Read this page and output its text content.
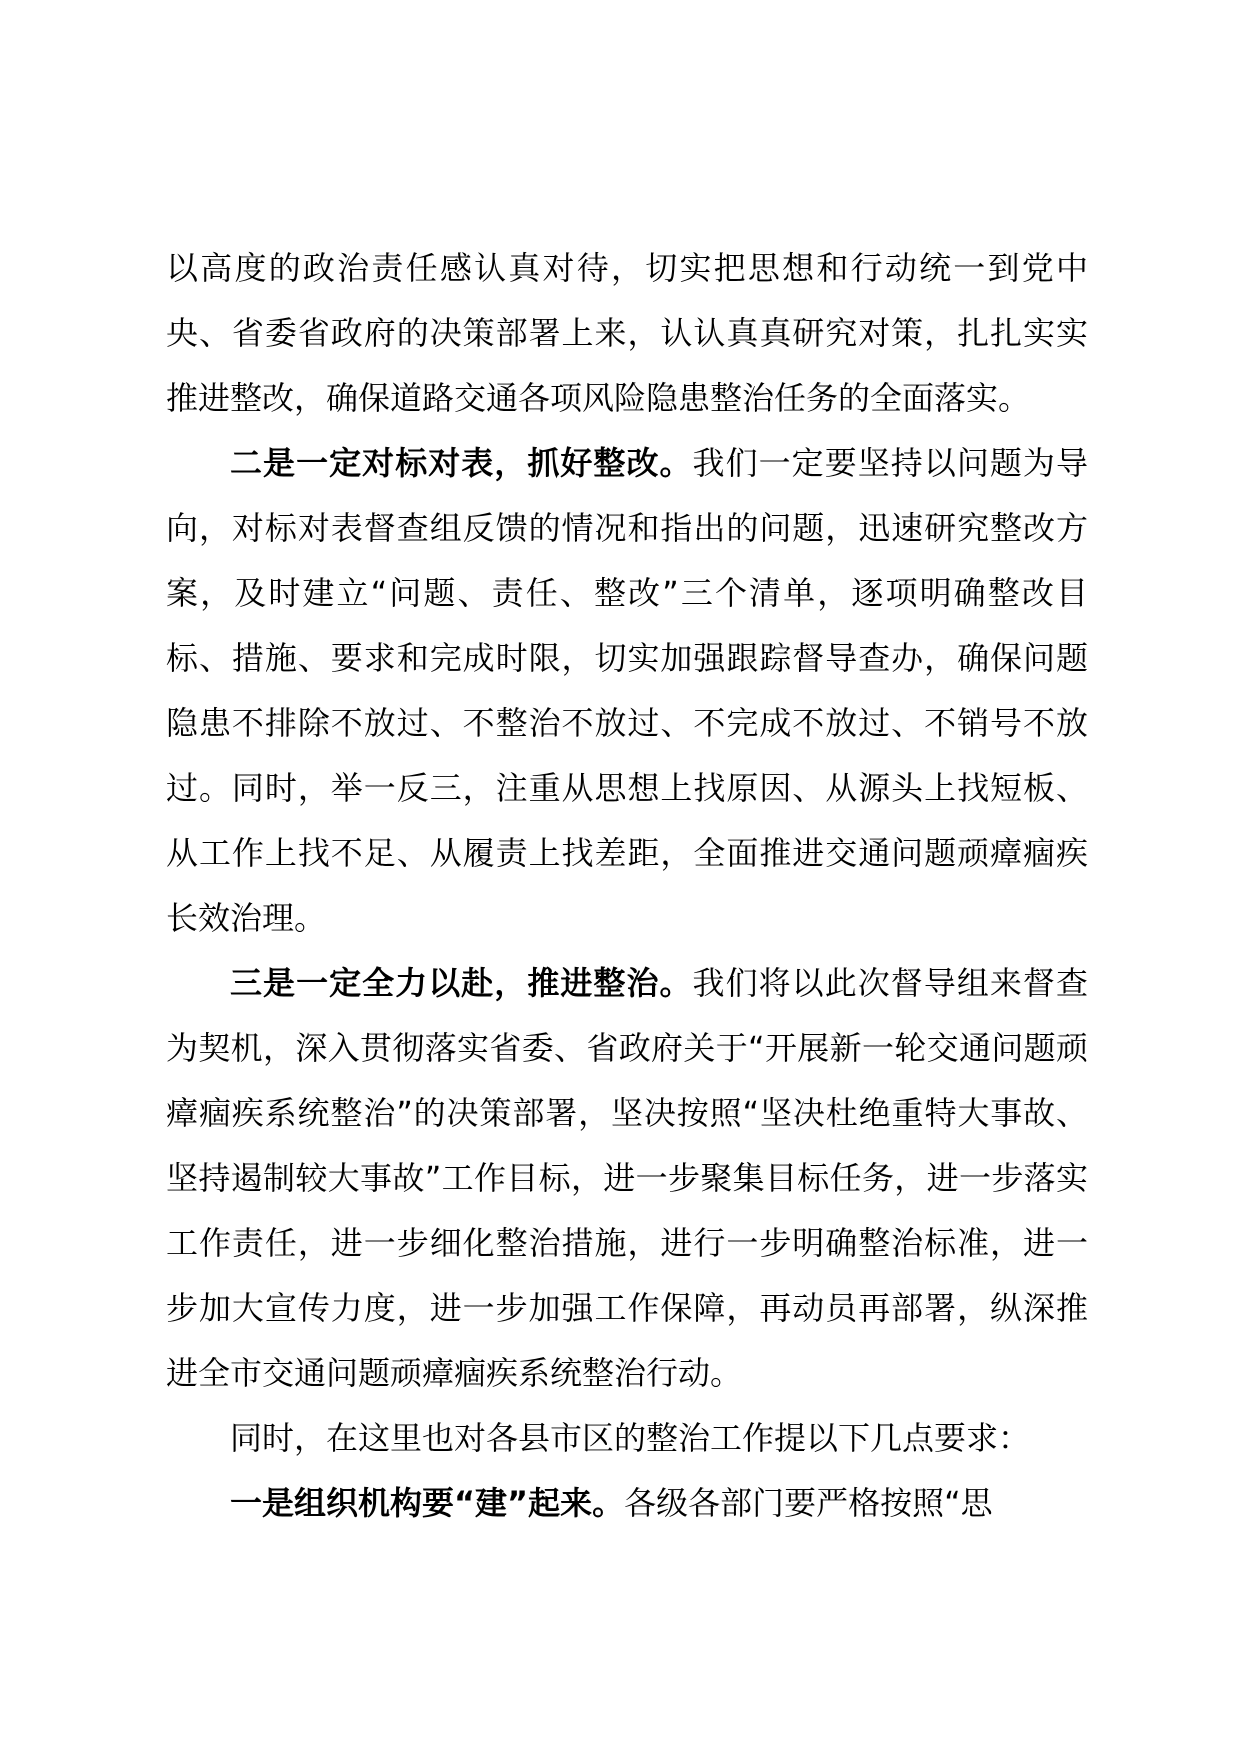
以高度的政治责任感认真对待，切实把思想和行动统一到党中央、省委省政府的决策部署上来，认认真真研究对策，扎扎实实推进整改，确保道路交通各项风险隐患整治任务的全面落实。

二是一定对标对表，抓好整改。我们一定要坚持以问题为导向，对标对表督查组反馈的情况和指出的问题，迅速研究整改方案，及时建立“问题、责任、整改”三个清单，逐项明确整改目标、措施、要求和完成时限，切实加强跟踪督导查办，确保问题隐患不排除不放过、不整治不放过、不完成不放过、不销号不放过。同时，举一反三，注重从思想上找原因、从源头上找短板、从工作上找不足、从履责上找差距，全面推进交通问题顽瘴痼疾长效治理。

三是一定全力以赴，推进整治。我们将以此次督导组来督查为契机，深入贯彻落实省委、省政府关于“开展新一轮交通问题顽瘴痼疾系统整治”的决策部署，坚决按照“坚决杜绝重特大事故、坚持遏制较大事故”工作目标，进一步聚集目标任务，进一步落实工作责任，进一步细化整治措施，进行一步明确整治标准，进一步加大宣传力度，进一步加强工作保障，再动员再部署，纵深推进全市交通问题顽瘴痼疾系统整治行动。

同时，在这里也对各县市区的整治工作提以下几点要求：

一是组织机构要“建”起来。各级各部门要严格按照“思
